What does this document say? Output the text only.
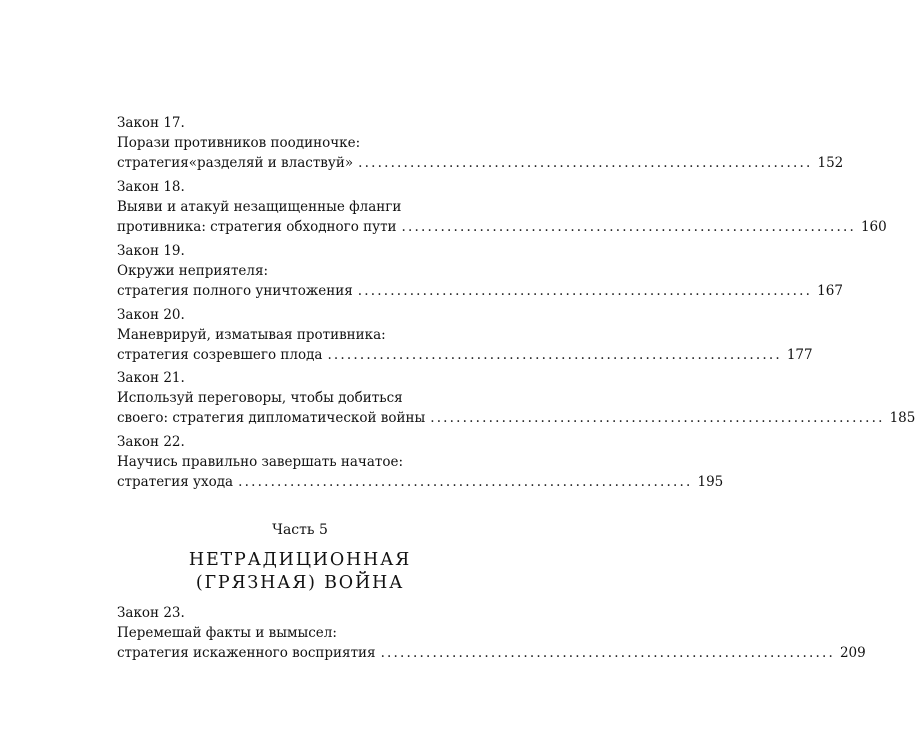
Закон 17.
Порази противников поодиночке:
стратегия«разделяй и властвуй» ...................................................................... 152
Закон 18.
Выяви и атакуй незащищенные фланги
противника: стратегия обходного пути ...................................................................... 160
Закон 19.
Окружи неприятеля:
стратегия полного уничтожения ...................................................................... 167
Закон 20.
Маневрируй, изматывая противника:
стратегия созревшего плода ...................................................................... 177
Закон 21.
Используй переговоры, чтобы добиться
своего: стратегия дипломатической войны ...................................................................... 185
Закон 22.
Научись правильно завершать начатое:
стратегия ухода ...................................................................... 195
Часть 5
НЕТРАДИЦИОННАЯ
(ГРЯЗНАЯ) ВОЙНА
Закон 23.
Перемешай факты и вымысел:
стратегия искаженного восприятия ...................................................................... 209
